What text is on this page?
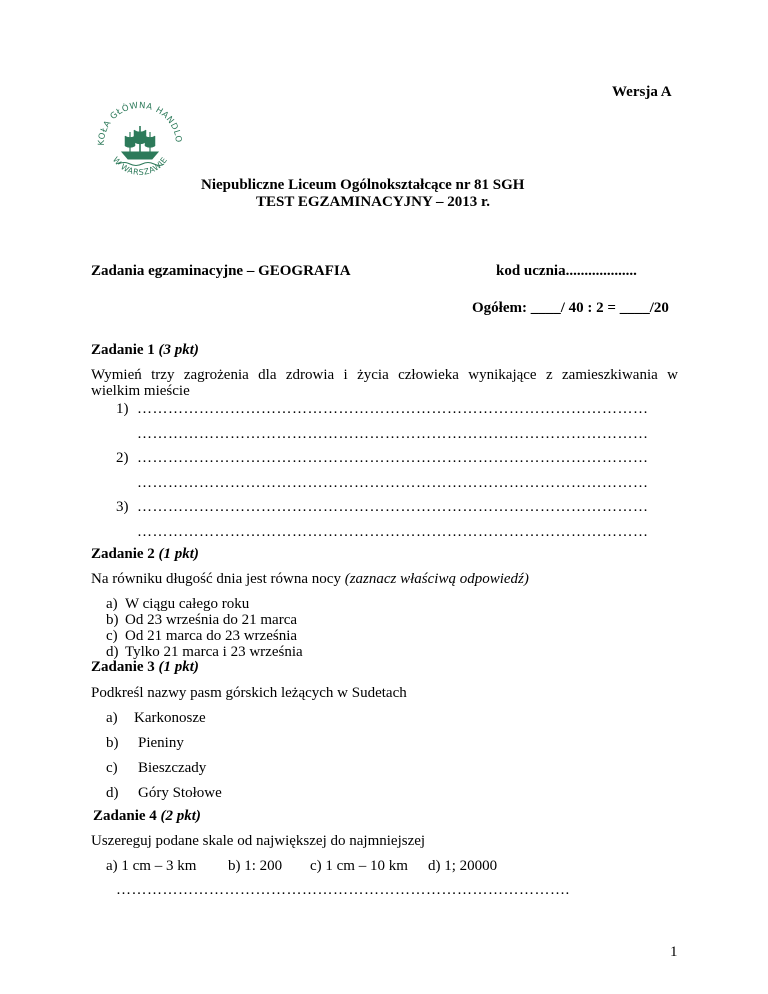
Wersja A
KOŁA GŁÓWNA HANDLO
W WARSZAWIE
Niepubliczne Liceum Ogólnokształcące nr 81 SGH
TEST EGZAMINACYJNY – 2013 r.
Zadania egzaminacyjne – GEOGRAFIA	kod ucznia...................
Ogółem: ____/ 40 : 2 = ____/20
Zadanie 1 (3 pkt)
Wymień trzy zagrożenia dla zdrowia i życia człowieka wynikające z zamieszkiwania w
wielkim mieście
1) ………………………………………………………………………………………
………………………………………………………………………………………
2) ………………………………………………………………………………………
………………………………………………………………………………………
3) ………………………………………………………………………………………
………………………………………………………………………………………
Zadanie 2 (1 pkt)
Na równiku długość dnia jest równa nocy (zaznacz właściwą odpowiedź)
a) W ciągu całego roku
b) Od 23 września do 21 marca
c) Od 21 marca do 23 września
d) Tylko 21 marca i 23 września
Zadanie 3 (1 pkt)
Podkreśl nazwy pasm górskich leżących w Sudetach
a) Karkonosze
b) Pieniny
c) Bieszczady
d) Góry Stołowe
Zadanie 4 (2 pkt)
Uszereguj podane skale od największej do najmniejszej
a) 1 cm – 3 km b) 1: 200 c) 1 cm – 10 km d) 1; 20000
…………………………………………………………………………….
1
